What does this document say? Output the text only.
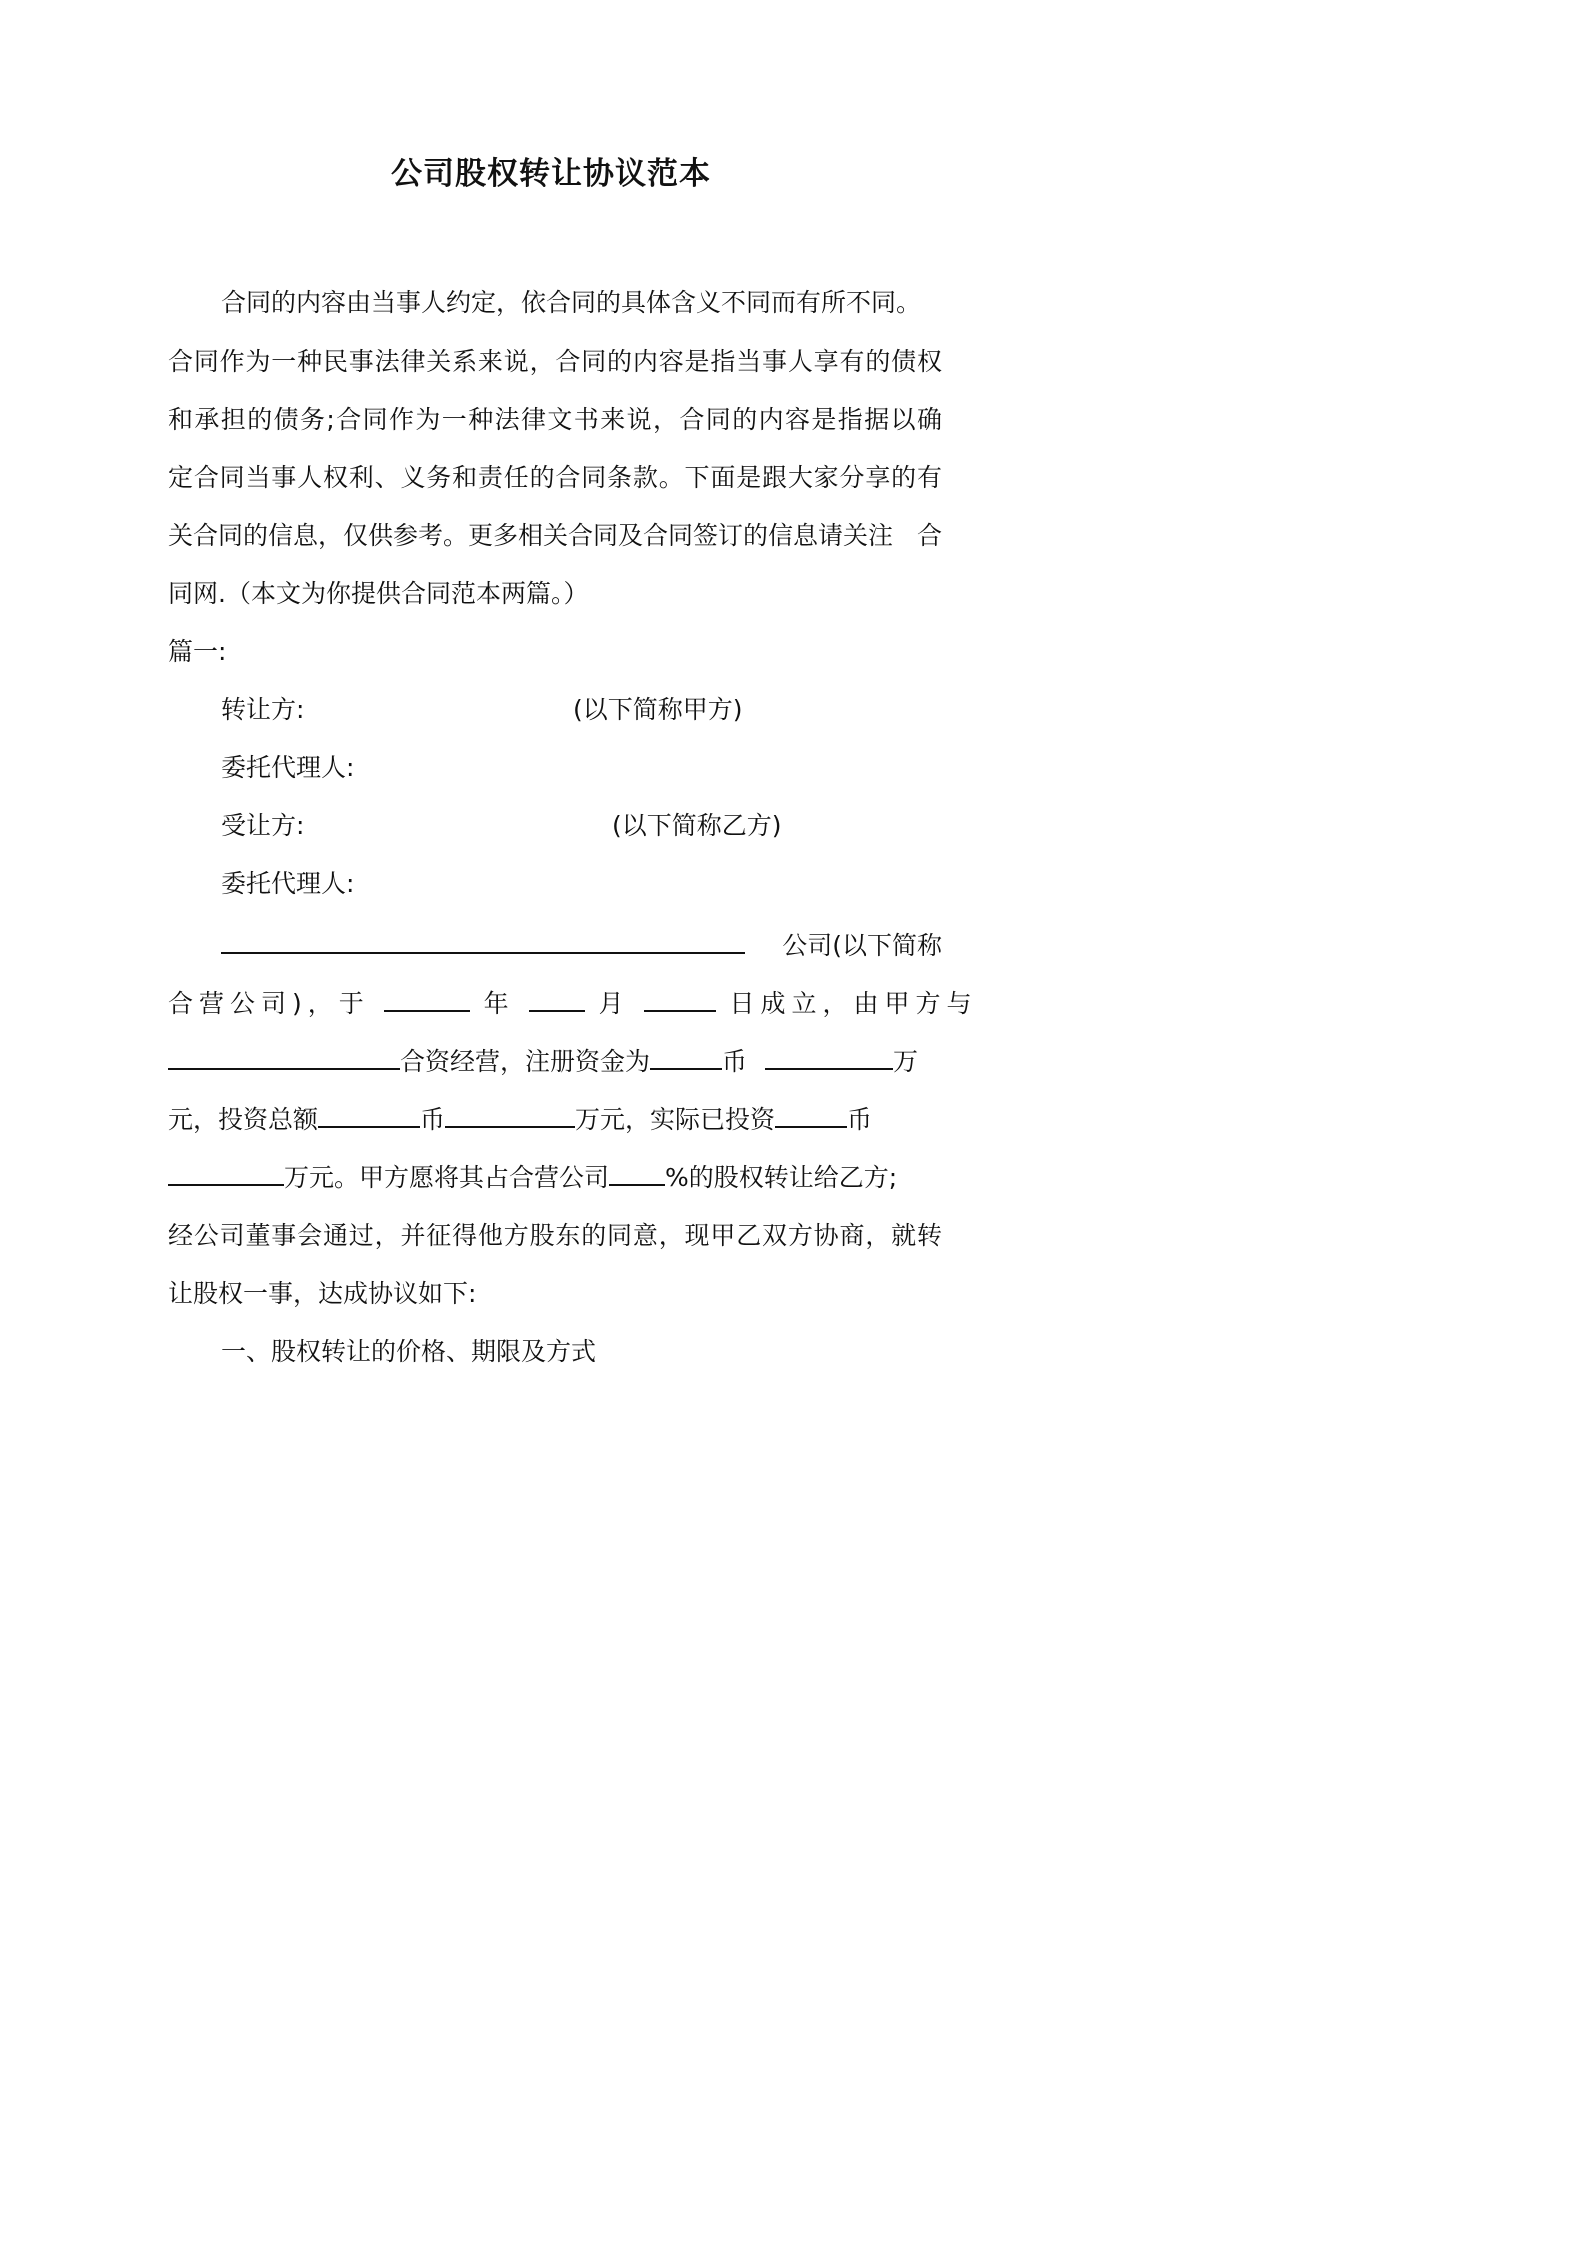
公司股权转让协议范本
合同的内容由当事人约定，依合同的具体含义不同而有所不同。
合同作为一种民事法律关系来说，合同的内容是指当事人享有的债权
和承担的债务;合同作为一种法律文书来说，合同的内容是指据以确
定合同当事人权利、义务和责任的合同条款。下面是跟大家分享的有
关合同的信息，仅供参考。更多相关合同及合同签订的信息请关注 合
同网.（本文为你提供合同范本两篇。）
篇一:
转让方:	(以下简称甲方)
委托代理人:
受让方:	(以下简称乙方)
委托代理人:
公司(以下简称
合营公司)，于	年	月	日成立，由甲方与
合资经营，注册资金为	币	万
元，投资总额	币	万元，实际已投资	币
万元。甲方愿将其占合营公司 %的股权转让给乙方;
经公司董事会通过，并征得他方股东的同意，现甲乙双方协商，就转
让股权一事，达成协议如下:
一、股权转让的价格、期限及方式
